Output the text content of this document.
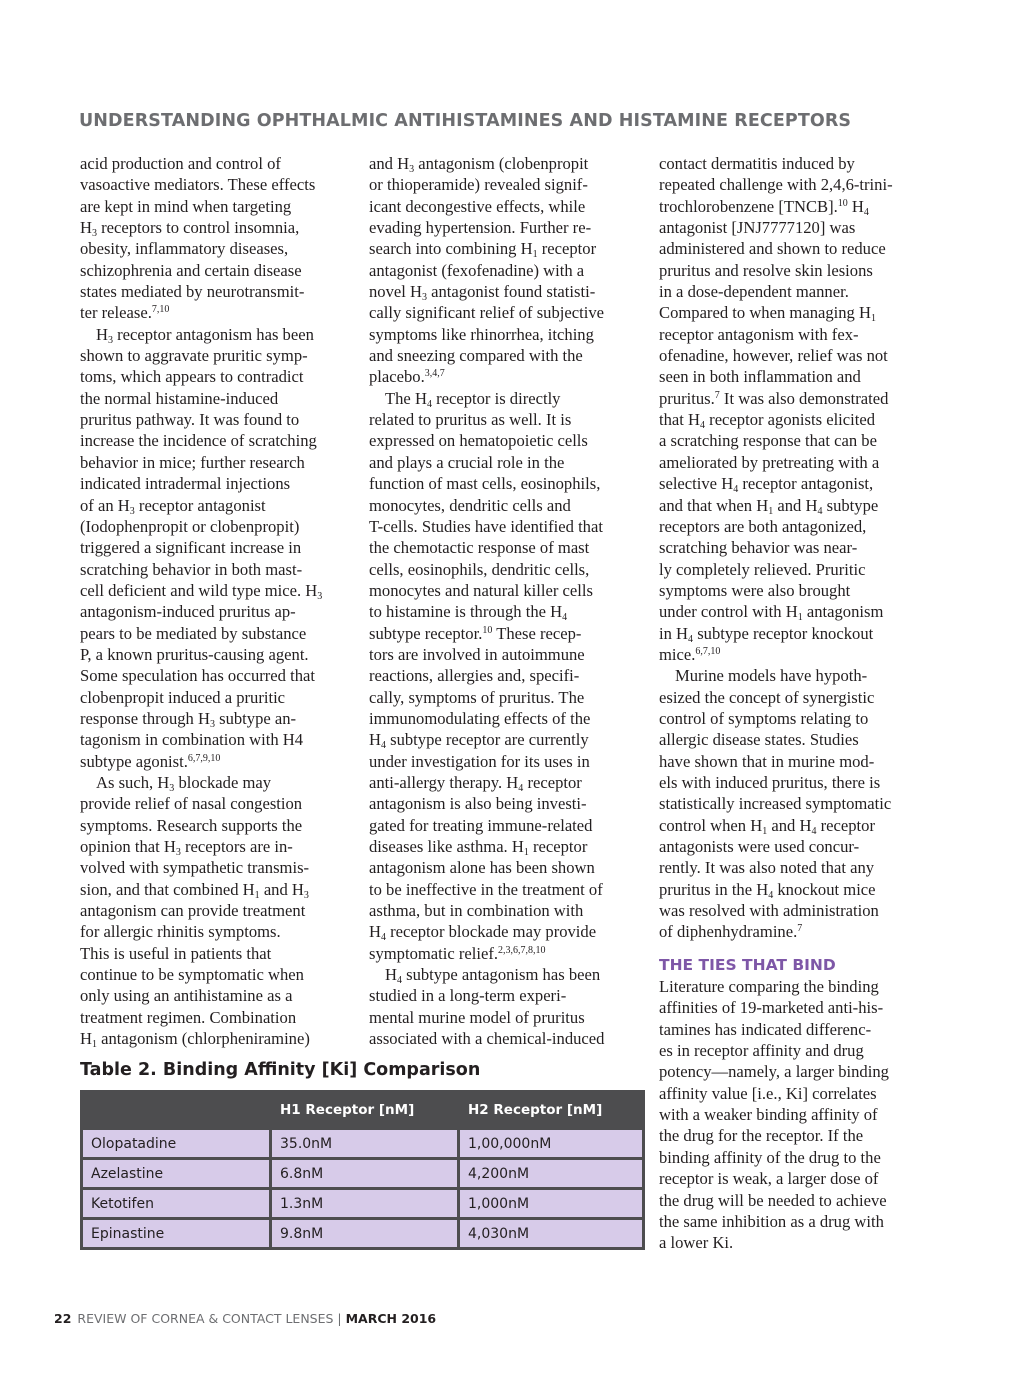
UNDERSTANDING OPHTHALMIC ANTIHISTAMINES AND HISTAMINE RECEPTORS
acid production and control of
vasoactive mediators. These effects
are kept in mind when targeting
$H_3$ receptors to control insomnia,
obesity, inflammatory diseases,
schizophrenia and certain disease
states mediated by neurotransmit-
ter release.$^{7,10}$
$H_3$ receptor antagonism has been
shown to aggravate pruritic symp-
toms, which appears to contradict
the normal histamine-induced
pruritus pathway. It was found to
increase the incidence of scratching
behavior in mice; further research
indicated intradermal injections
of an $H_3$ receptor antagonist
(Iodophenpropit or clobenpropit)
triggered a significant increase in
scratching behavior in both mast-
cell deficient and wild type mice. $H_3$
antagonism-induced pruritus ap-
pears to be mediated by substance
P, a known pruritus-causing agent.
Some speculation has occurred that
clobenpropit induced a pruritic
response through $H_3$ subtype an-
tagonism in combination with H4
subtype agonist.$^{6,7,9,10}$
As such, $H_3$ blockade may
provide relief of nasal congestion
symptoms. Research supports the
opinion that $H_3$ receptors are in-
volved with sympathetic transmis-
sion, and that combined $H_1$ and $H_3$
antagonism can provide treatment
for allergic rhinitis symptoms.
This is useful in patients that
continue to be symptomatic when
only using an antihistamine as a
treatment regimen. Combination
$H_1$ antagonism (chlorpheniramine)
and $H_3$ antagonism (clobenpropit
or thioperamide) revealed signif-
icant decongestive effects, while
evading hypertension. Further re-
search into combining $H_1$ receptor
antagonist (fexofenadine) with a
novel $H_3$ antagonist found statisti-
cally significant relief of subjective
symptoms like rhinorrhea, itching
and sneezing compared with the
placebo.$^{3,4,7}$
The $H_4$ receptor is directly
related to pruritus as well. It is
expressed on hematopoietic cells
and plays a crucial role in the
function of mast cells, eosinophils,
monocytes, dendritic cells and
T-cells. Studies have identified that
the chemotactic response of mast
cells, eosinophils, dendritic cells,
monocytes and natural killer cells
to histamine is through the $H_4$
subtype receptor.$^{10}$ These recep-
tors are involved in autoimmune
reactions, allergies and, specifi-
cally, symptoms of pruritus. The
immunomodulating effects of the
$H_4$ subtype receptor are currently
under investigation for its uses in
anti-allergy therapy. $H_4$ receptor
antagonism is also being investi-
gated for treating immune-related
diseases like asthma. $H_1$ receptor
antagonism alone has been shown
to be ineffective in the treatment of
asthma, but in combination with
$H_4$ receptor blockade may provide
symptomatic relief.$^{2,3,6,7,8,10}$
$H_4$ subtype antagonism has been
studied in a long-term experi-
mental murine model of pruritus
associated with a chemical-induced
contact dermatitis induced by
repeated challenge with 2,4,6-trini-
trochlorobenzene [TNCB].$^{10}$ $H_4$
antagonist [JNJ7777120] was
administered and shown to reduce
pruritus and resolve skin lesions
in a dose-dependent manner.
Compared to when managing $H_1$
receptor antagonism with fex-
ofenadine, however, relief was not
seen in both inflammation and
pruritus.$^7$ It was also demonstrated
that $H_4$ receptor agonists elicited
a scratching response that can be
ameliorated by pretreating with a
selective $H_4$ receptor antagonist,
and that when $H_1$ and $H_4$ subtype
receptors are both antagonized,
scratching behavior was near-
ly completely relieved. Pruritic
symptoms were also brought
under control with $H_1$ antagonism
in $H_4$ subtype receptor knockout
mice.$^{6,7,10}$
Murine models have hypoth-
esized the concept of synergistic
control of symptoms relating to
allergic disease states. Studies
have shown that in murine mod-
els with induced pruritus, there is
statistically increased symptomatic
control when $H_1$ and $H_4$ receptor
antagonists were used concur-
rently. It was also noted that any
pruritus in the $H_4$ knockout mice
was resolved with administration
of diphenhydramine.$^7$
THE TIES THAT BIND
Literature comparing the binding
affinities of 19-marketed anti-his-
tamines has indicated differenc-
es in receptor affinity and drug
potency—namely, a larger binding
affinity value [i.e., Ki] correlates
with a weaker binding affinity of
the drug for the receptor. If the
binding affinity of the drug to the
receptor is weak, a larger dose of
the drug will be needed to achieve
the same inhibition as a drug with
a lower Ki.
Table 2. Binding Affinity [Ki] Comparison
	H1 Receptor [nM]	H2 Receptor [nM]
Olopatadine	35.0nM	1,00,000nM
Azelastine	6.8nM	4,200nM
Ketotifen	1.3nM	1,000nM
Epinastine	9.8nM	4,030nM
22 REVIEW OF CORNEA & CONTACT LENSES | MARCH 2016
